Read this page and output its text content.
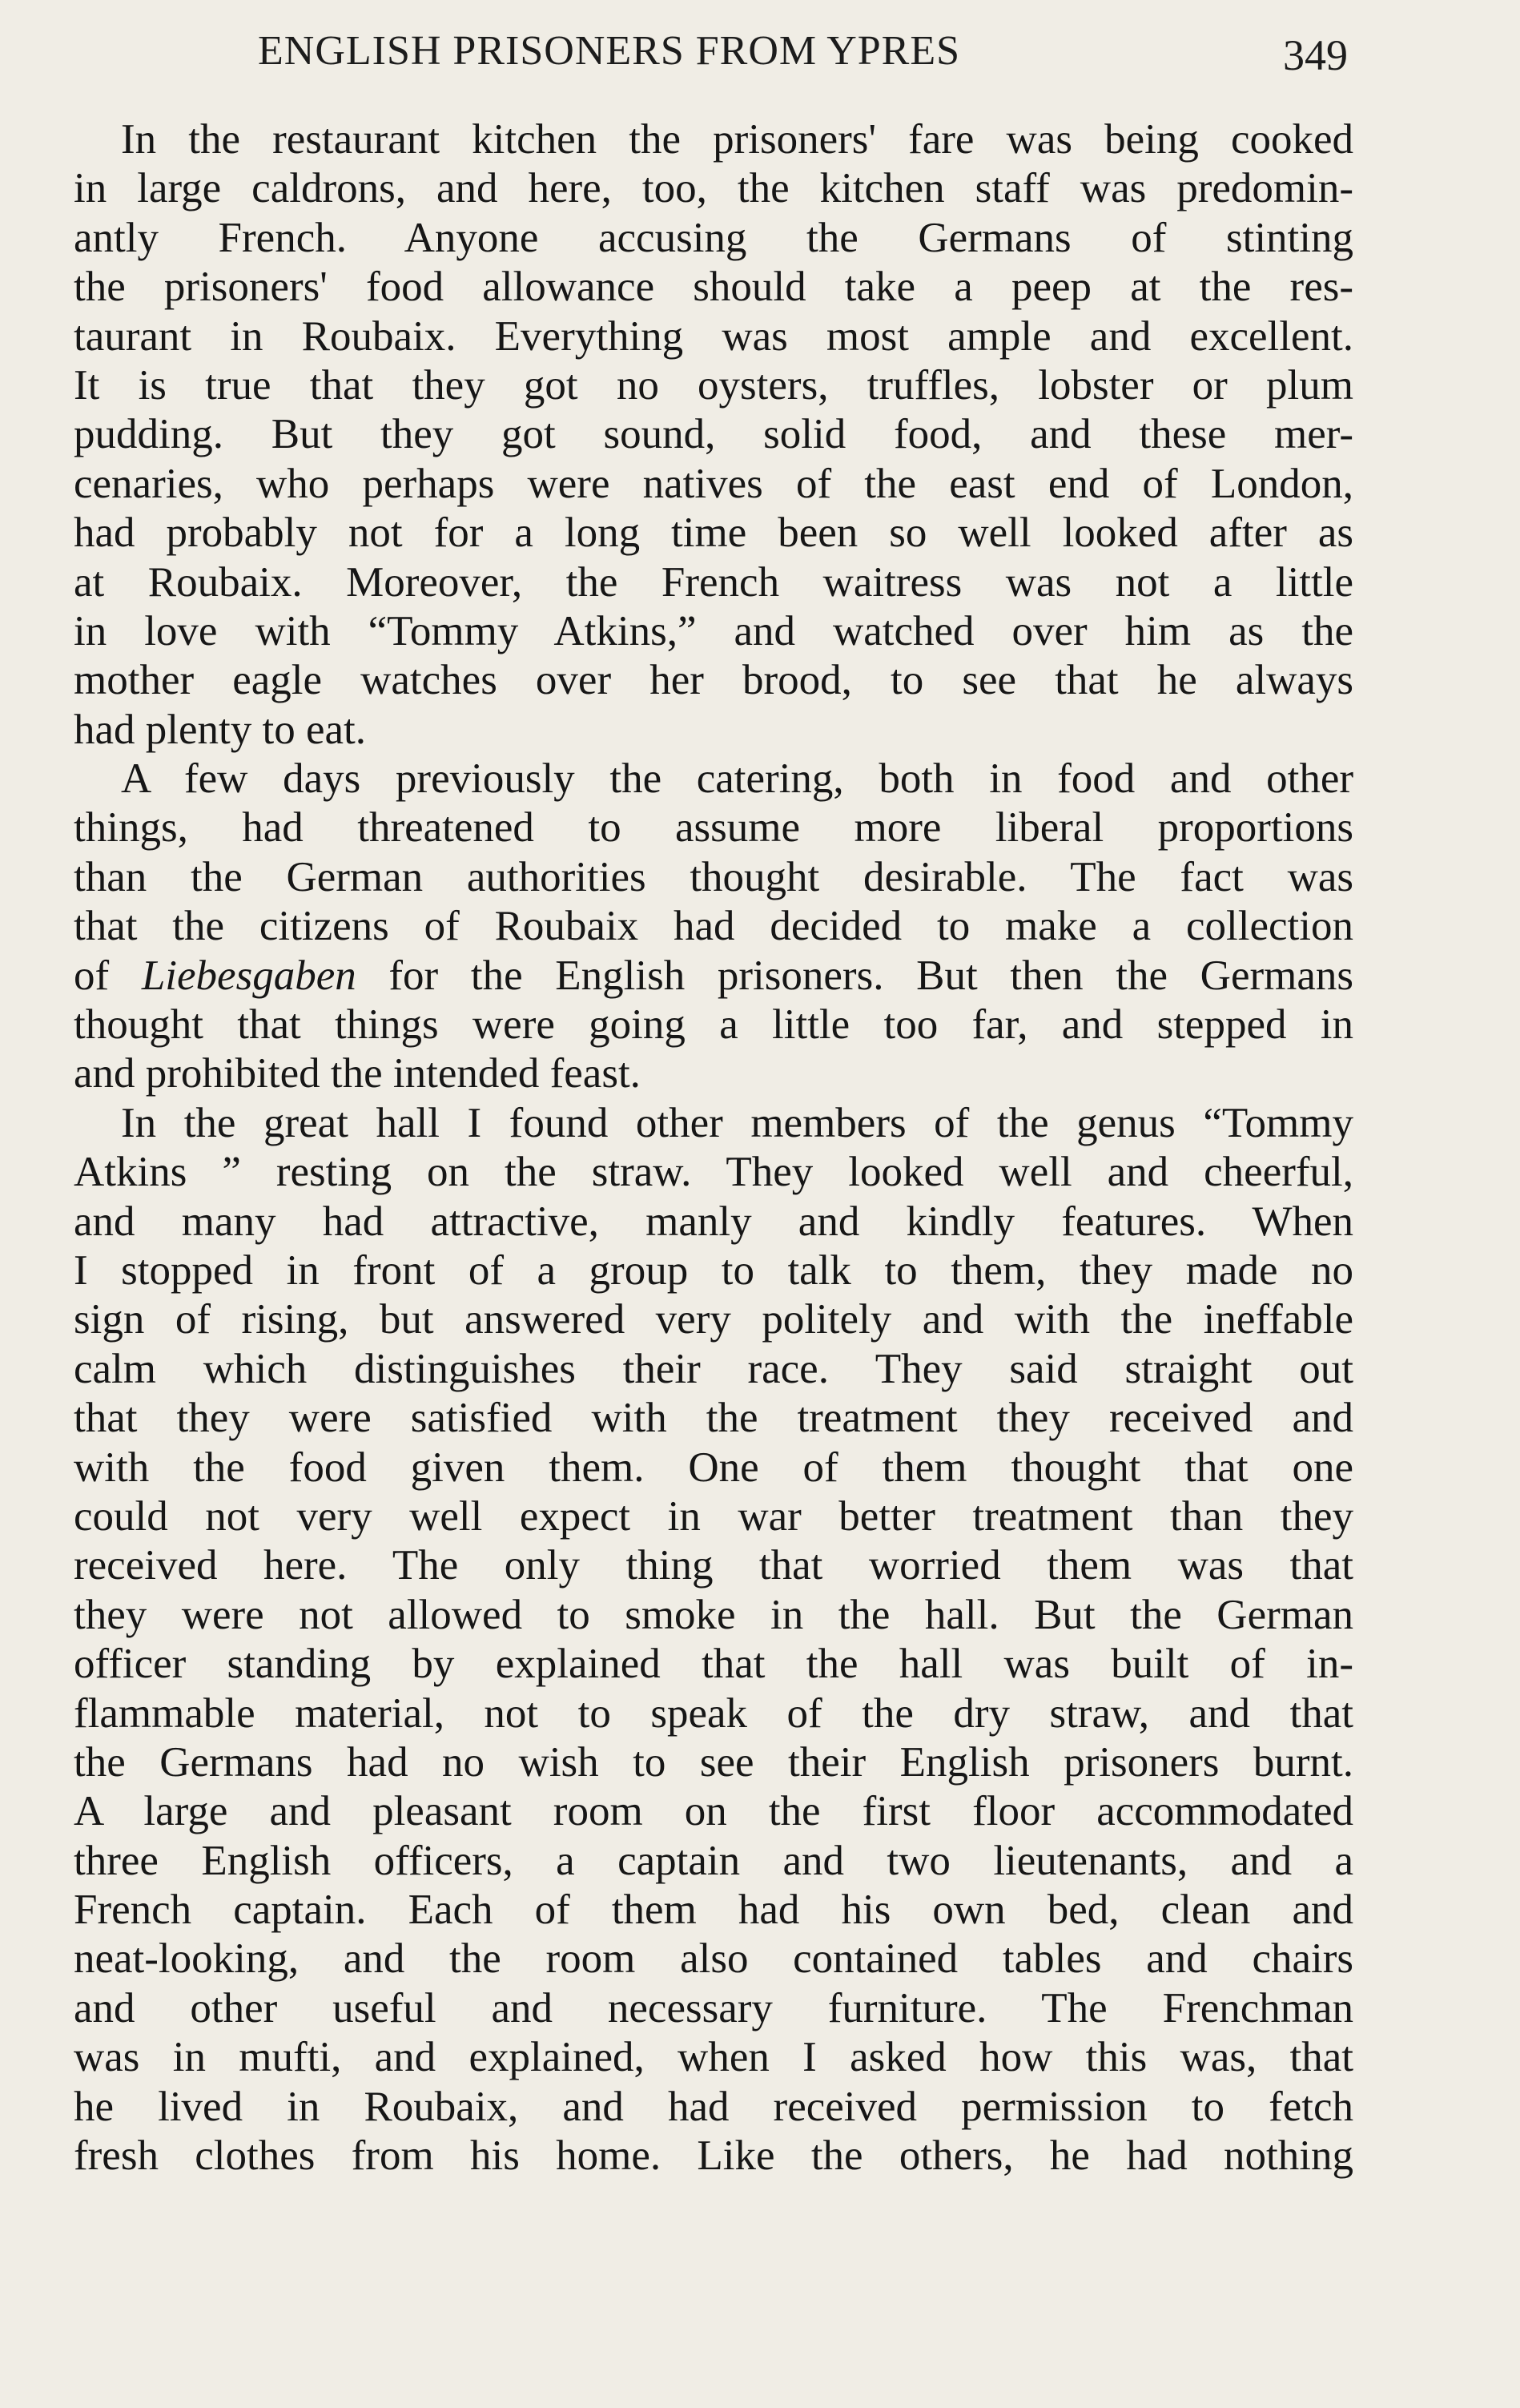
ENGLISH PRISONERS FROM YPRES	349
In the restaurant kitchen the prisoners' fare was being cooked
in large caldrons, and here, too, the kitchen staff was predomin-
antly French. Anyone accusing the Germans of stinting
the prisoners' food allowance should take a peep at the res-
taurant in Roubaix. Everything was most ample and excellent.
It is true that they got no oysters, truffles, lobster or plum
pudding. But they got sound, solid food, and these mer-
cenaries, who perhaps were natives of the east end of London,
had probably not for a long time been so well looked after as
at Roubaix. Moreover, the French waitress was not a little
in love with “Tommy Atkins,” and watched over him as the
mother eagle watches over her brood, to see that he always
had plenty to eat.
A few days previously the catering, both in food and other
things, had threatened to assume more liberal proportions
than the German authorities thought desirable. The fact was
that the citizens of Roubaix had decided to make a collection
of Liebesgaben for the English prisoners. But then the Germans
thought that things were going a little too far, and stepped in
and prohibited the intended feast.
In the great hall I found other members of the genus “Tommy
Atkins ” resting on the straw. They looked well and cheerful,
and many had attractive, manly and kindly features. When
I stopped in front of a group to talk to them, they made no
sign of rising, but answered very politely and with the ineffable
calm which distinguishes their race. They said straight out
that they were satisfied with the treatment they received and
with the food given them. One of them thought that one
could not very well expect in war better treatment than they
received here. The only thing that worried them was that
they were not allowed to smoke in the hall. But the German
officer standing by explained that the hall was built of in-
flammable material, not to speak of the dry straw, and that
the Germans had no wish to see their English prisoners burnt.
A large and pleasant room on the first floor accommodated
three English officers, a captain and two lieutenants, and a
French captain. Each of them had his own bed, clean and
neat-looking, and the room also contained tables and chairs
and other useful and necessary furniture. The Frenchman
was in mufti, and explained, when I asked how this was, that
he lived in Roubaix, and had received permission to fetch
fresh clothes from his home. Like the others, he had nothing
